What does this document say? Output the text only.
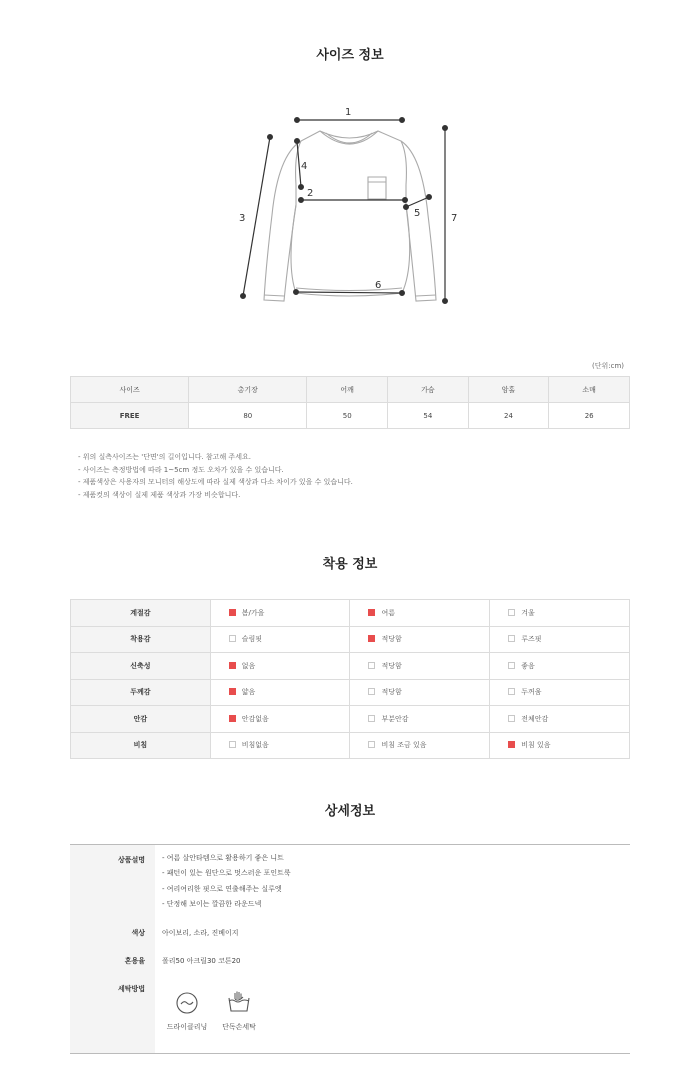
사이즈 정보
1
2
3
4
5
6
7
(단위:cm)
사이즈	총기장	어깨	가슴	암홀	소매
FREE	80	50	54	24	26
- 위의 실측사이즈는 '단면'의 길이입니다. 참고해 주세요.
- 사이즈는 측정방법에 따라 1~5cm 정도 오차가 있을 수 있습니다.
- 제품색상은 사용자의 모니터의 해상도에 따라 실제 색상과 다소 차이가 있을 수 있습니다.
- 제품컷의 색상이 실제 제품 색상과 가장 비슷합니다.
착용 정보
계절감	봄/가을	여름	겨울
착용감	슬림핏	적당함	루즈핏
신축성	없음	적당함	좋음
두께감	얇음	적당함	두꺼움
안감	안감없음	부분안감	전체안감
비침	비침없음	비침 조금 있음	비침 있음
상세정보
상품설명 - 여름 살안타템으로 활용하기 좋은 니트
- 패턴이 있는 원단으로 멋스러운 포인트룩
- 여리여리한 핏으로 연출해주는 실루엣
- 단정해 보이는 깔끔한 라운드넥
색상 아이보리, 소라, 진베이지
혼용율 폴리50 아크릴30 코튼20
세탁방법
드라이클리닝	단독손세탁
